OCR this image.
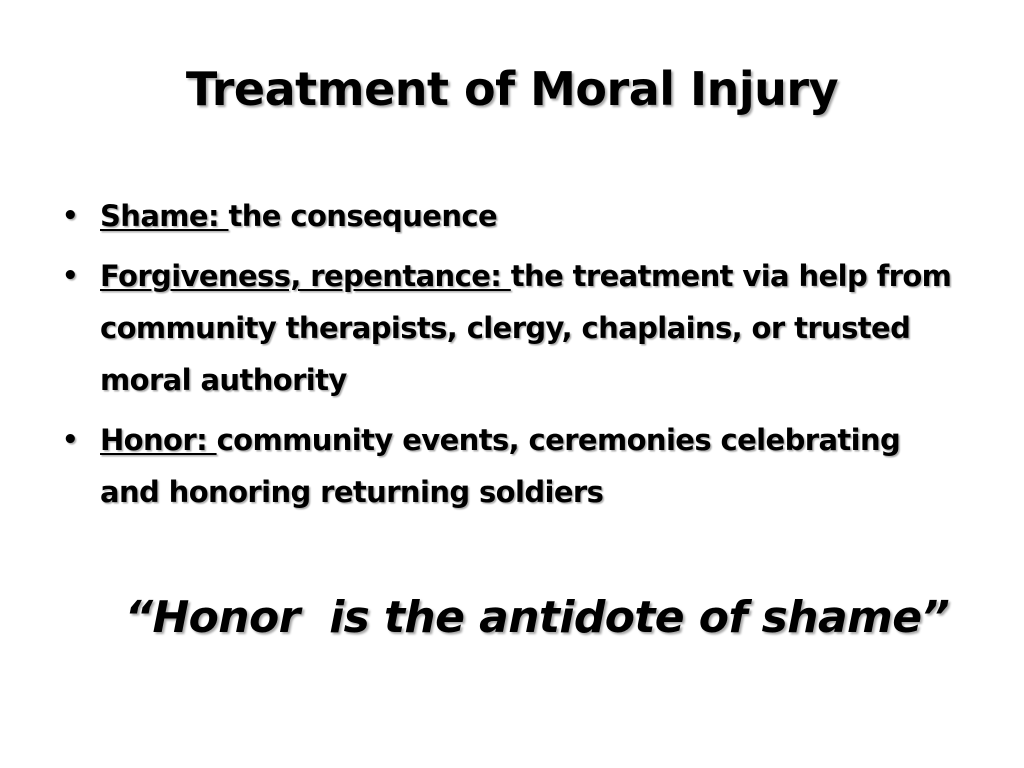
Treatment of Moral Injury
• Shame: the consequence
• Forgiveness, repentance: the treatment via help from community therapists, clergy, chaplains, or trusted moral authority
• Honor: community events, ceremonies celebrating and honoring returning soldiers

“Honor  is the antidote of shame”
